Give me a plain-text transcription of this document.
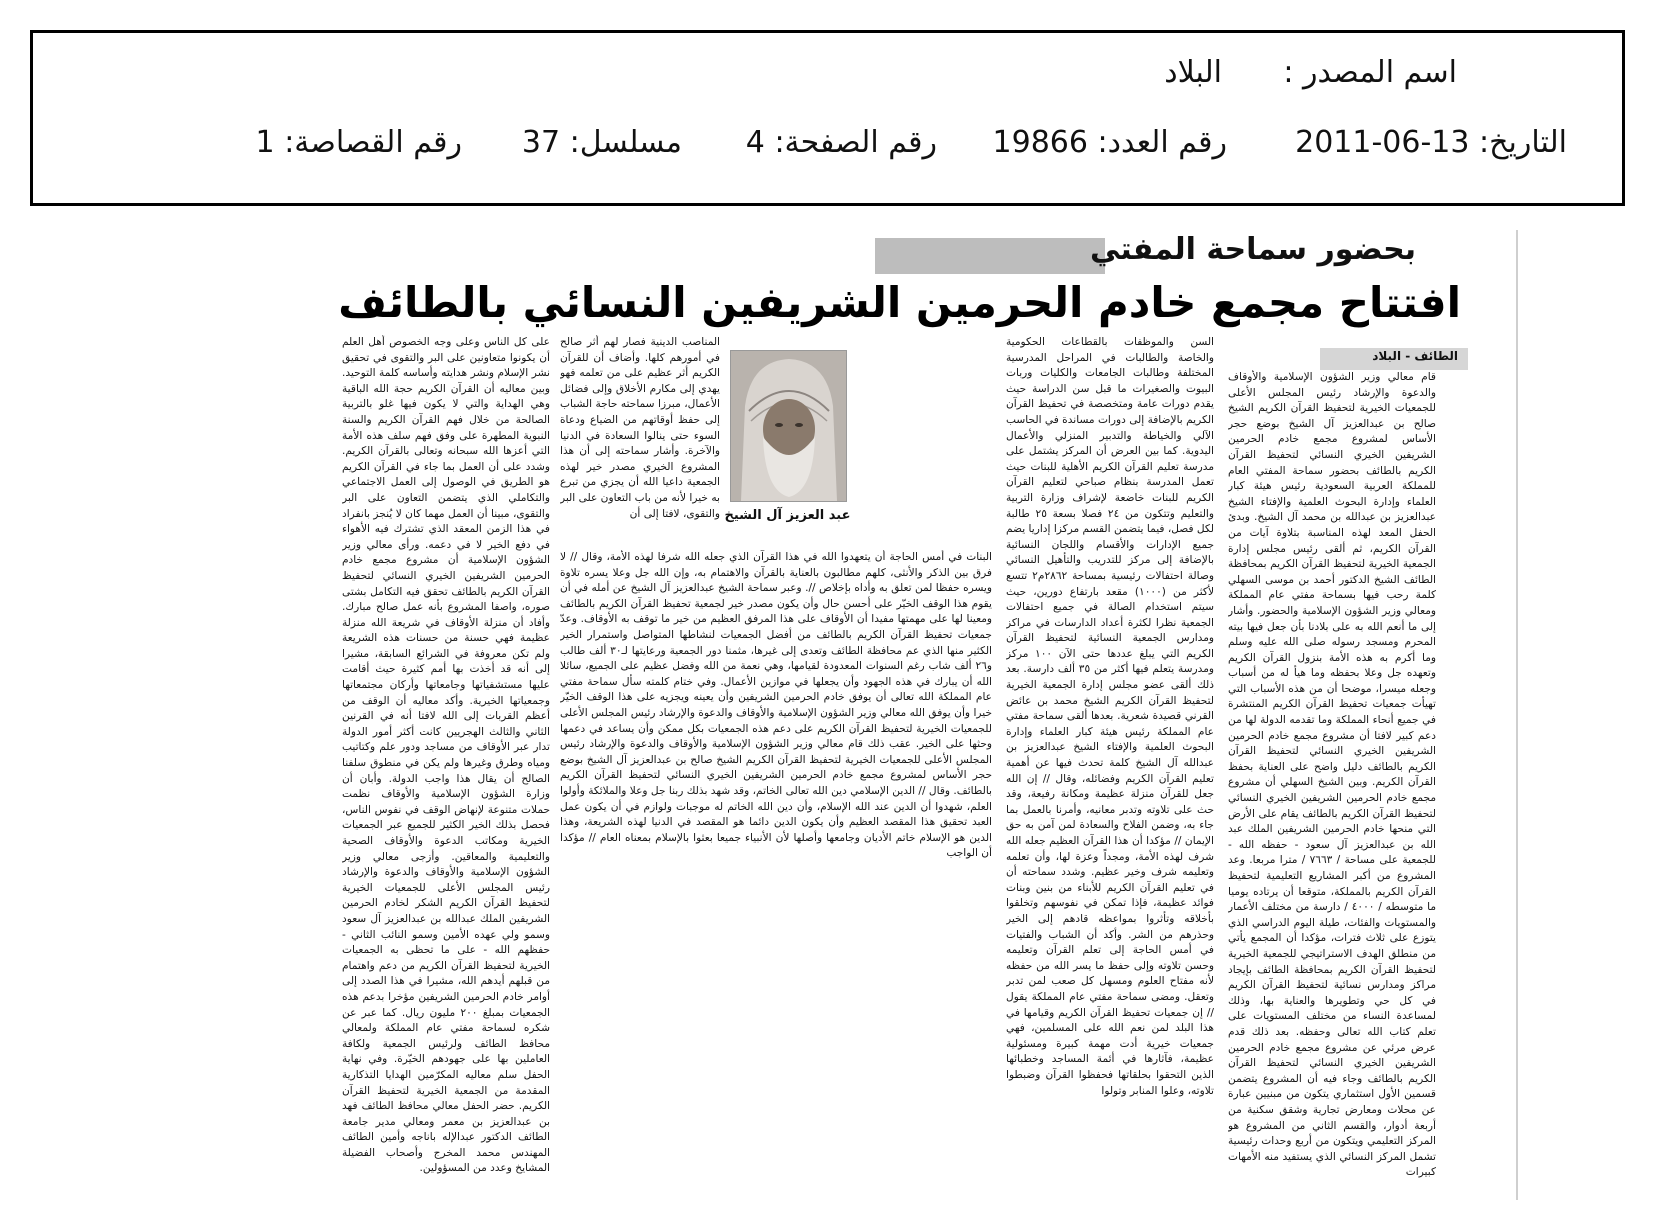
اسم المصدر :
البلاد
التاريخ: 2011-06-13
رقم العدد: 19866
رقم الصفحة: 4
مسلسل: 37
رقم القصاصة: 1
بحضور سماحة المفتي
افتتاح مجمع خادم الحرمين الشريفين النسائي بالطائف
الطائف - البلاد
قام معالي وزير الشؤون الإسلامية والأوقاف والدعوة والإرشاد رئيس المجلس الأعلى للجمعيات الخيرية لتحفيظ القرآن الكريم الشيخ صالح بن عبدالعزيز آل الشيخ بوضع حجر الأساس لمشروع مجمع خادم الحرمين الشريفين الخيري النسائي لتحفيظ القرآن الكريم بالطائف بحضور سماحة المفتي العام للمملكة العربية السعودية رئيس هيئة كبار العلماء وإدارة البحوث العلمية والإفتاء الشيخ عبدالعزيز بن عبدالله بن محمد آل الشيخ. وبدئ الحفل المعد لهذه المناسبة بتلاوة آيات من القرآن الكريم، ثم ألقى رئيس مجلس إدارة الجمعية الخيرية لتحفيظ القرآن الكريم بمحافظة الطائف الشيخ الدكتور أحمد بن موسى السهلي كلمة رحب فيها بسماحة مفتي عام المملكة ومعالي وزير الشؤون الإسلامية والحضور. وأشار إلى ما أنعم الله به على بلادنا بأن جعل فيها بيته المحرم ومسجد رسوله صلى الله عليه وسلم وما أكرم به هذه الأمة بنزول القرآن الكريم وتعهده جل وعلا بحفظه وما هيأ له من أسباب وجعله ميسرا، موضحا أن من هذه الأسباب التي تهيأت جمعيات تحفيظ القرآن الكريم المنتشرة في جميع أنحاء المملكة وما تقدمه الدولة لها من دعم كبير لافتا أن مشروع مجمع خادم الحرمين الشريفين الخيري النسائي لتحفيظ القرآن الكريم بالطائف دليل واضح على العناية بحفظ القرآن الكريم. وبين الشيخ السهلي أن مشروع مجمع خادم الحرمين الشريفين الخيري النسائي لتحفيظ القرآن الكريم بالطائف يقام على الأرض التي منحها خادم الحرمين الشريفين الملك عبد الله بن عبدالعزيز آل سعود - حفظه الله - للجمعية على مساحة / ٧٦٦٣ / مترا مربعا. وعد المشروع من أكبر المشاريع التعليمية لتحفيظ القرآن الكريم بالمملكة، متوقعا أن يرتاده يوميا ما متوسطه / ٤٠٠٠ / دارسة من مختلف الأعمار والمستويات والفئات، طيلة اليوم الدراسي الذي يتوزع على ثلاث فترات، مؤكدا أن المجمع يأتي من منطلق الهدف الاستراتيجي للجمعية الخيرية لتحفيظ القرآن الكريم بمحافظة الطائف بإيجاد مراكز ومدارس نسائية لتحفيظ القرآن الكريم في كل حي وتطويرها والعناية بها، وذلك لمساعدة النساء من مختلف المستويات على تعلم كتاب الله تعالى وحفظه. بعد ذلك قدم عرض مرئي عن مشروع مجمع خادم الحرمين الشريفين الخيري النسائي لتحفيظ القرآن الكريم بالطائف وجاء فيه أن المشروع يتضمن قسمين الأول استثماري يتكون من مبنيين عبارة عن محلات ومعارض تجارية وشقق سكنية من أربعة أدوار، والقسم الثاني من المشروع هو المركز التعليمي ويتكون من أربع وحدات رئيسية تشمل المركز النسائي الذي يستفيد منه الأمهات كبيرات
السن والموظفات بالقطاعات الحكومية والخاصة والطالبات في المراحل المدرسية المختلفة وطالبات الجامعات والكليات وربات البيوت والصغيرات ما قبل سن الدراسة حيث يقدم دورات عامة ومتخصصة في تحفيظ القرآن الكريم بالإضافة إلى دورات مساندة في الحاسب الآلي والخياطة والتدبير المنزلي والأعمال اليدوية. كما بين العرض أن المركز يشتمل على مدرسة تعليم القرآن الكريم الأهلية للبنات حيث تعمل المدرسة بنظام صباحي لتعليم القرآن الكريم للبنات خاضعة لإشراف وزارة التربية والتعليم وتتكون من ٢٤ فصلا بسعة ٢٥ طالبة لكل فصل، فيما يتضمن القسم مركزا إداريا يضم جميع الإدارات والأقسام واللجان النسائية بالإضافة إلى مركز للتدريب والتأهيل النسائي وصالة احتفالات رئيسية بمساحة ٢٨٦٢م٢ تتسع لأكثر من (١٠٠٠) مقعد بارتفاع دورين، حيث سيتم استخدام الصالة في جميع احتفالات الجمعية نظرا لكثرة أعداد الدارسات في مراكز ومدارس الجمعية النسائية لتحفيظ القرآن الكريم التي يبلغ عددها حتى الآن ١٠٠ مركز ومدرسة يتعلم فيها أكثر من ٣٥ ألف دارسة. بعد ذلك ألقى عضو مجلس إدارة الجمعية الخيرية لتحفيظ القرآن الكريم الشيخ محمد بن عائض القرني قصيدة شعرية. بعدها ألقى سماحة مفتي عام المملكة رئيس هيئة كبار العلماء وإدارة البحوث العلمية والإفتاء الشيخ عبدالعزيز بن عبدالله آل الشيخ كلمة تحدث فيها عن أهمية تعليم القرآن الكريم وفضائله، وقال // إن الله جعل للقرآن منزلة عظيمة ومكانة رفيعة، وقد حث على تلاوته وتدبر معانيه، وأمرنا بالعمل بما جاء به، وضمن الفلاح والسعادة لمن آمن به حق الإيمان // مؤكدا أن هذا القرآن العظيم جعله الله شرف لهذه الأمة، ومجداً وعزة لها، وأن تعلمه وتعليمه شرف وخير عظيم. وشدد سماحته أن في تعليم القرآن الكريم للأبناء من بنين وبنات فوائد عظيمة، فإذا تمكن في نفوسهم وتخلقوا بأخلاقه وتأثروا بمواعظه قادهم إلى الخير وحذرهم من الشر. وأكد أن الشباب والفتيات في أمس الحاجة إلى تعلم القرآن وتعليمه وحسن تلاوته وإلى حفظ ما يسر الله من حفظه لأنه مفتاح العلوم ومسهل كل صعب لمن تدبر وتعقل. ومضى سماحة مفتي عام المملكة يقول // إن جمعيات تحفيظ القرآن الكريم وقيامها في هذا البلد لمن نعم الله على المسلمين، فهي جمعيات خيرية أدت مهمة كبيرة ومسئولية عظيمة، فآثارها في أئمة المساجد وخطبائها الذين التحقوا بحلقاتها فحفظوا القرآن وضبطوا تلاوته، وعلوا المنابر وتولوا
البنات في أمس الحاجة أن يتعهدوا الله في هذا القرآن الذي جعله الله شرفا لهذه الأمة، وقال // لا فرق بين الذكر والأنثى، كلهم مطالبون بالعناية بالقرآن والاهتمام به، وإن الله جل وعلا يسره تلاوة ويسره حفظا لمن تعلق به وأداه بإخلاص //. وعبر سماحة الشيخ عبدالعزيز آل الشيخ عن أمله في أن يقوم هذا الوقف الخيّر على أحسن حال وأن يكون مصدر خير لجمعية تحفيظ القرآن الكريم بالطائف ومعينا لها على مهمتها مفيدا أن الأوقاف على هذا المرفق العظيم من خير ما توقف به الأوقاف. وعدّ جمعيات تحفيظ القرآن الكريم بالطائف من أفضل الجمعيات لنشاطها المتواصل واستمرار الخير الكثير منها الذي عم محافظة الطائف وتعدى إلى غيرها، مثمنا دور الجمعية ورعايتها لـ٣٠ ألف طالب و٢٦ ألف شاب رغم السنوات المعدودة لقيامها، وهي نعمة من الله وفضل عظيم على الجميع، سائلا الله أن يبارك في هذه الجهود وأن يجعلها في موازين الأعمال. وفي ختام كلمته سأل سماحة مفتي عام المملكة الله تعالى أن يوفق خادم الحرمين الشريفين وأن يعينه ويجزيه على هذا الوقف الخيّر خيرا وأن يوفق الله معالي وزير الشؤون الإسلامية والأوقاف والدعوة والإرشاد رئيس المجلس الأعلى للجمعيات الخيرية لتحفيظ القرآن الكريم على دعم هذه الجمعيات بكل ممكن وأن يساعد في دعمها وحثها على الخير. عقب ذلك قام معالي وزير الشؤون الإسلامية والأوقاف والدعوة والإرشاد رئيس المجلس الأعلى للجمعيات الخيرية لتحفيظ القرآن الكريم الشيخ صالح بن عبدالعزيز آل الشيخ بوضع حجر الأساس لمشروع مجمع خادم الحرمين الشريفين الخيري النسائي لتحفيظ القرآن الكريم بالطائف. وقال // الدين الإسلامي دين الله تعالى الخاتم، وقد شهد بذلك ربنا جل وعلا والملائكة وأولوا العلم، شهدوا أن الدين عند الله الإسلام، وأن دين الله الخاتم له موجبات ولوازم في أن يكون عمل العبد تحقيق هذا المقصد العظيم وأن يكون الدين دائما هو المقصد في الدنيا لهذه الشريعة، وهذا الدين هو الإسلام خاتم الأديان وجامعها وأصلها لأن الأنبياء جميعا بعثوا بالإسلام بمعناه العام // مؤكدا أن الواجب
عبد العزيز آل الشيخ
المناصب الدينية فصار لهم أثر صالح في أمورهم كلها. وأضاف أن للقرآن الكريم أثر عظيم على من تعلمه فهو يهدي إلى مكارم الأخلاق وإلى فضائل الأعمال، مبرزا سماحته حاجة الشباب إلى حفظ أوقاتهم من الضياع ودعاة السوء حتى ينالوا السعادة في الدنيا والآخرة. وأشار سماحته إلى أن هذا المشروع الخيري مصدر خير لهذه الجمعية داعيا الله أن يجزي من تبرع به خيرا لأنه من باب التعاون على البر والتقوى، لافتا إلى أن
على كل الناس وعلى وجه الخصوص أهل العلم أن يكونوا متعاونين على البر والتقوى في تحقيق نشر الإسلام ونشر هدايته وأساسه كلمة التوحيد. وبين معاليه أن القرآن الكريم حجة الله الباقية وهي الهداية والتي لا يكون فيها غلو بالتربية الصالحة من خلال فهم القرآن الكريم والسنة النبوية المطهرة على وفق فهم سلف هذه الأمة التي أعزها الله سبحانه وتعالى بالقرآن الكريم. وشدد على أن العمل بما جاء في القرآن الكريم هو الطريق في الوصول إلى العمل الاجتماعي والتكاملي الذي يتضمن التعاون على البر والتقوى، مبينا أن العمل مهما كان لا يُنجز بانفراد في هذا الزمن المعقد الذي تشترك فيه الأهواء في دفع الخير لا في دعمه. ورأى معالي وزير الشؤون الإسلامية أن مشروع مجمع خادم الحرمين الشريفين الخيري النسائي لتحفيظ القرآن الكريم بالطائف تحقق فيه التكامل بشتى صوره، واصفا المشروع بأنه عمل صالح مبارك. وأفاد أن منزلة الأوقاف في شريعة الله منزلة عظيمة فهي حسنة من حسنات هذه الشريعة ولم تكن معروفة في الشرائع السابقة، مشيرا إلى أنه قد أخذت بها أمم كثيرة حيث أقامت عليها مستشفياتها وجامعاتها وأركان مجتمعاتها وجمعياتها الخيرية. وأكد معاليه أن الوقف من أعظم القربات إلى الله لافتا أنه في القرنين الثاني والثالث الهجريين كانت أكثر أمور الدولة تدار عبر الأوقاف من مساجد ودور علم وكتاتيب ومياه وطرق وغيرها ولم يكن في منطوق سلفنا الصالح أن يقال هذا واجب الدولة. وأبان أن وزارة الشؤون الإسلامية والأوقاف نظمت حملات متنوعة لإنهاض الوقف في نفوس الناس، فحصل بذلك الخير الكثير للجميع عبر الجمعيات الخيرية ومكاتب الدعوة والأوقاف الصحية والتعليمية والمعاقين. وأزجى معالي وزير الشؤون الإسلامية والأوقاف والدعوة والإرشاد رئيس المجلس الأعلى للجمعيات الخيرية لتحفيظ القرآن الكريم الشكر لخادم الحرمين الشريفين الملك عبدالله بن عبدالعزيز آل سعود وسمو ولي عهده الأمين وسمو النائب الثاني - حفظهم الله - على ما تحظى به الجمعيات الخيرية لتحفيظ القرآن الكريم من دعم واهتمام من قبلهم أيدهم الله، مشيرا في هذا الصدد إلى أوامر خادم الحرمين الشريفين مؤخرا بدعم هذه الجمعيات بمبلغ ٢٠٠ مليون ريال. كما عبر عن شكره لسماحة مفتي عام المملكة ولمعالي محافظ الطائف ولرئيس الجمعية ولكافة العاملين بها على جهودهم الخيّرة. وفي نهاية الحفل سلم معاليه المكرّمين الهدايا التذكارية المقدمة من الجمعية الخيرية لتحفيظ القرآن الكريم. حضر الحفل معالي محافظ الطائف فهد بن عبدالعزيز بن معمر ومعالي مدير جامعة الطائف الدكتور عبدالإله باناجه وأمين الطائف المهندس محمد المخرج وأصحاب الفضيلة المشايخ وعدد من المسؤولين.
